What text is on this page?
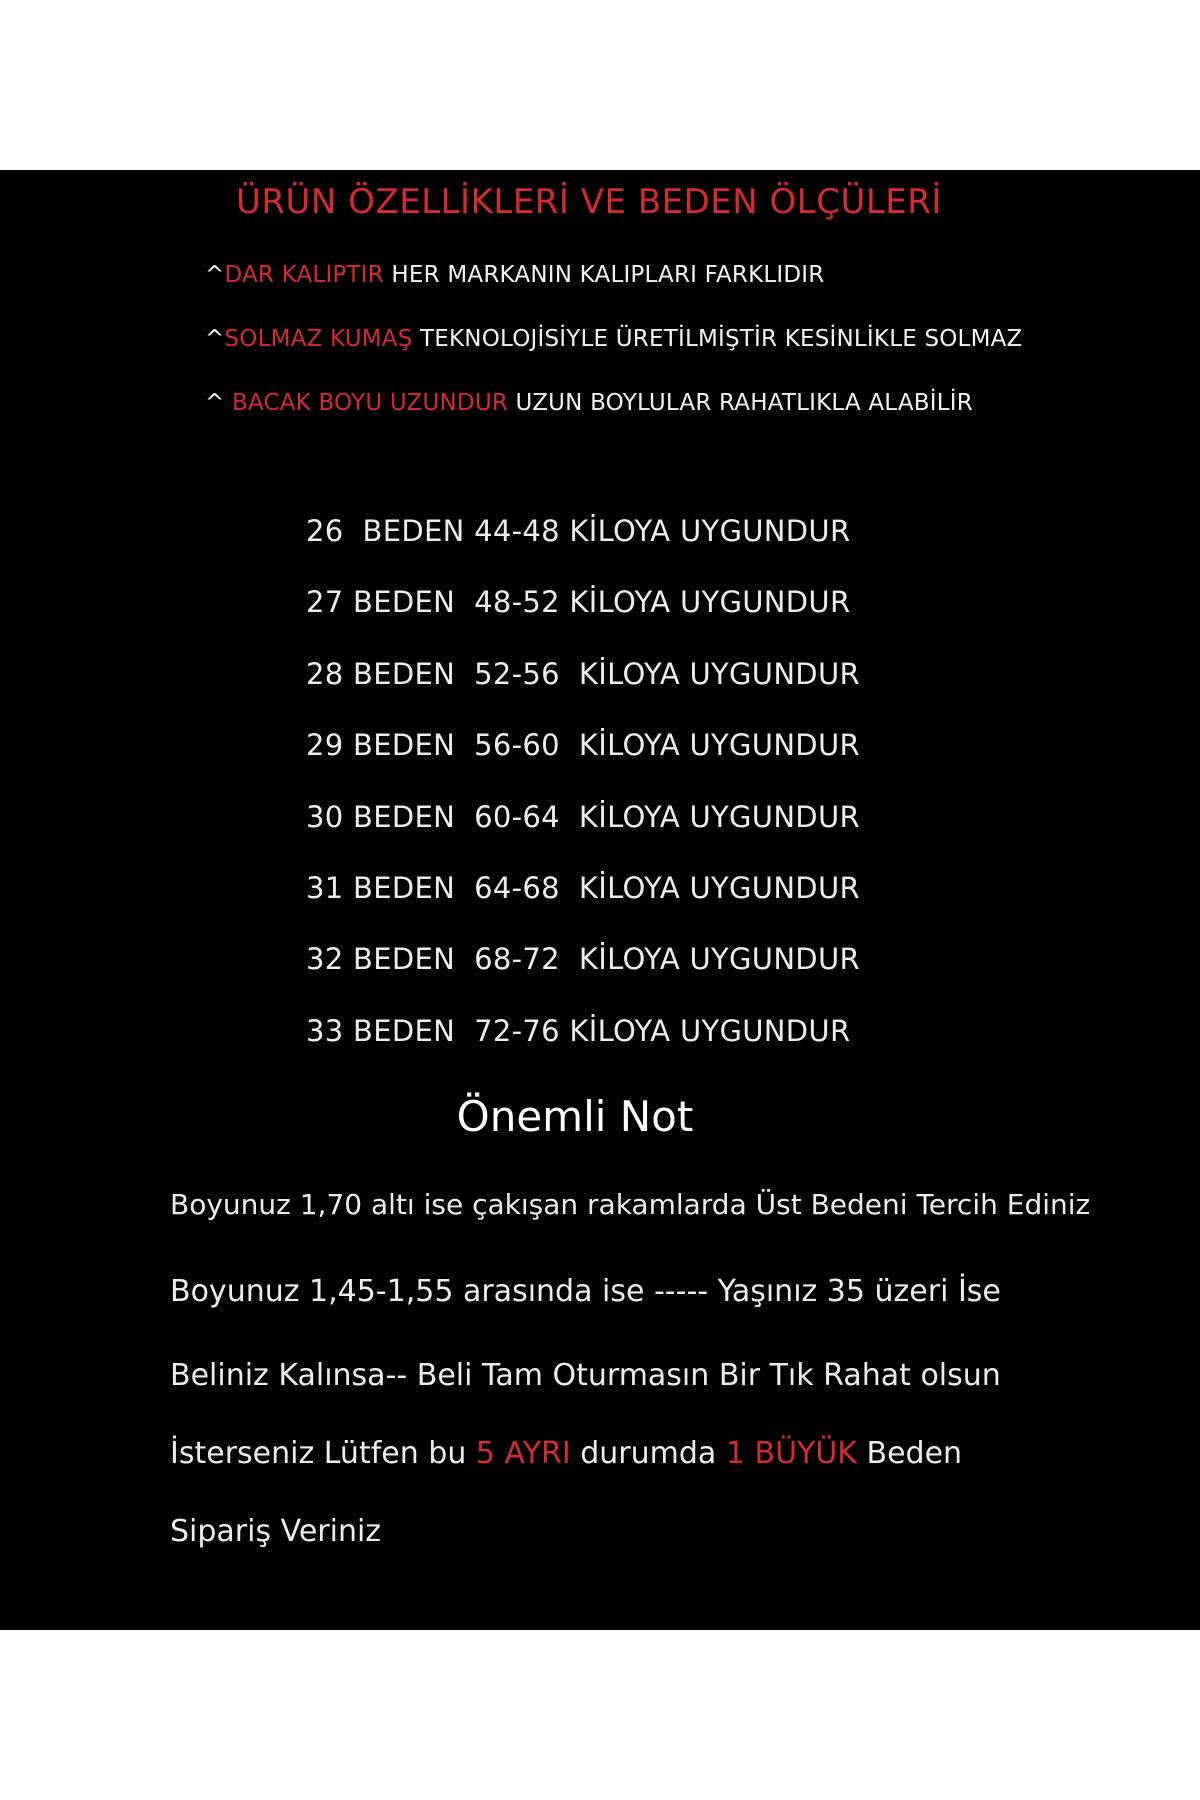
ÜRÜN ÖZELLİKLERİ VE BEDEN ÖLÇÜLERİ
^DAR KALIPTIR HER MARKANIN KALIPLARI FARKLIDIR
^SOLMAZ KUMAŞ TEKNOLOJİSİYLE ÜRETİLMİŞTİR KESİNLİKLE SOLMAZ
^ BACAK BOYU UZUNDUR UZUN BOYLULAR RAHATLIKLA ALABİLİR
26  BEDEN 44-48 KİLOYA UYGUNDUR
27 BEDEN  48-52 KİLOYA UYGUNDUR
28 BEDEN  52-56  KİLOYA UYGUNDUR
29 BEDEN  56-60  KİLOYA UYGUNDUR
30 BEDEN  60-64  KİLOYA UYGUNDUR
31 BEDEN  64-68  KİLOYA UYGUNDUR
32 BEDEN  68-72  KİLOYA UYGUNDUR
33 BEDEN  72-76 KİLOYA UYGUNDUR
Önemli Not
Boyunuz 1,70 altı ise çakışan rakamlarda Üst Bedeni Tercih Ediniz
Boyunuz 1,45-1,55 arasında ise ----- Yaşınız 35 üzeri İse
Beliniz Kalınsa-- Beli Tam Oturmasın Bir Tık Rahat olsun
İsterseniz Lütfen bu 5 AYRI durumda 1 BÜYÜK Beden
Sipariş Veriniz
